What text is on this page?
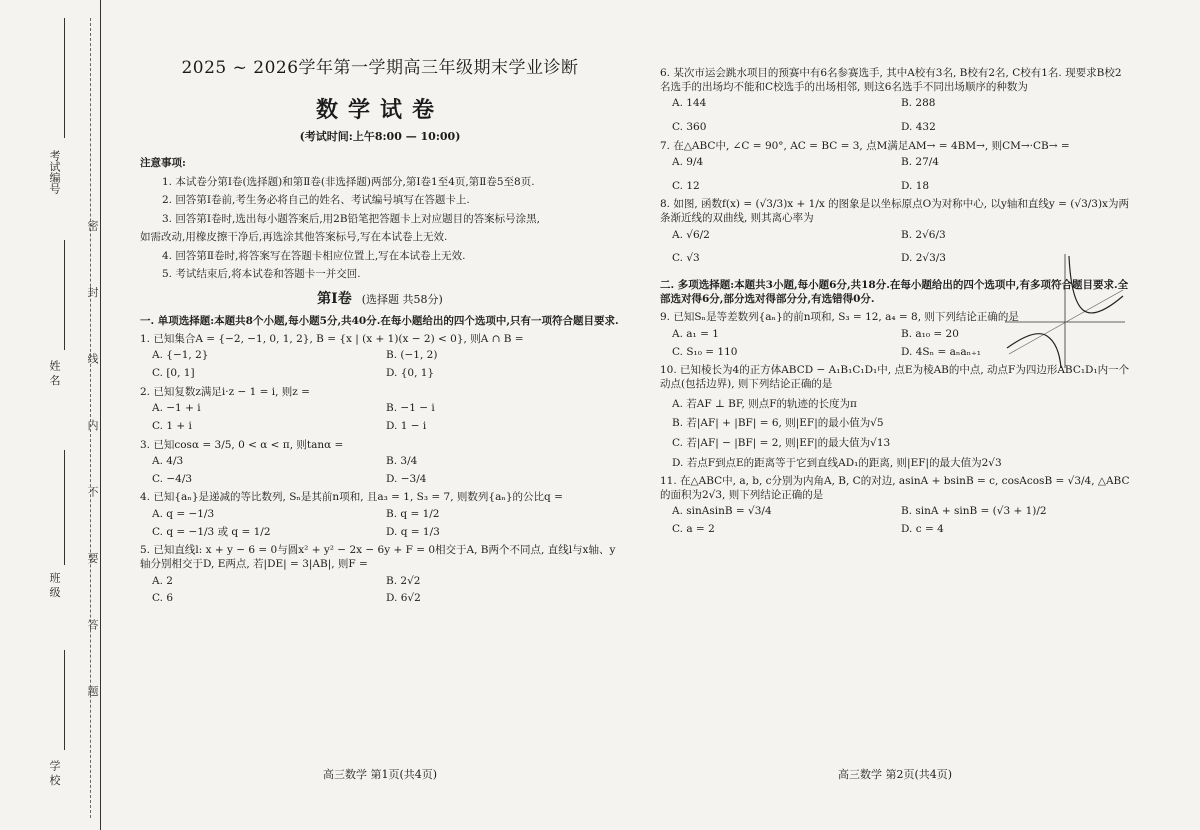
密 封 线 内 不 要 答 题
考试编号
姓 名
班 级
学 校
2025 ~ 2026学年第一学期高三年级期末学业诊断
数学试卷
(考试时间:上午8:00 — 10:00)
注意事项:

1. 本试卷分第Ⅰ卷(选择题)和第Ⅱ卷(非选择题)两部分,第Ⅰ卷1至4页,第Ⅱ卷5至8页.

2. 回答第Ⅰ卷前,考生务必将自己的姓名、考试编号填写在答题卡上.

3. 回答第Ⅰ卷时,选出每小题答案后,用2B铅笔把答题卡上对应题目的答案标号涂黑,

如需改动,用橡皮擦干净后,再选涂其他答案标号,写在本试卷上无效.

4. 回答第Ⅱ卷时,将答案写在答题卡相应位置上,写在本试卷上无效.

5. 考试结束后,将本试卷和答题卡一并交回.

第Ⅰ卷 (选择题 共58分)
一. 单项选择题:本题共8个小题,每小题5分,共40分.在每小题给出的四个选项中,只有一项符合题目要求.
1. 已知集合A = {−2, −1, 0, 1, 2}, B = {x | (x + 1)(x − 2) < 0}, 则A ∩ B =
A. {−1, 2}	B. (−1, 2)
C. [0, 1]	D. {0, 1}
2. 已知复数z满足i·z − 1 = i, 则z =
A. −1 + i	B. −1 − i
C. 1 + i	D. 1 − i
3. 已知cosα = 3/5, 0 < α < π, 则tanα =
A. 4/3	B. 3/4
C. −4/3	D. −3/4
4. 已知{aₙ}是递减的等比数列, Sₙ是其前n项和, 且a₃ = 1, S₃ = 7, 则数列{aₙ}的公比q =
A. q = −1/3	B. q = 1/2
C. q = −1/3 或 q = 1/2	D. q = 1/3
5. 已知直线l: x + y − 6 = 0与圆x² + y² − 2x − 6y + F = 0相交于A, B两个不同点, 直线l与x轴、y轴分别相交于D, E两点, 若|DE| = 3|AB|, 则F =
A. 2	B. 2√2
C. 6	D. 6√2
6. 某次市运会跳水项目的预赛中有6名参赛选手, 其中A校有3名, B校有2名, C校有1名. 现要求B校2名选手的出场均不能和C校选手的出场相邻, 则这6名选手不同出场顺序的种数为
A. 144	B. 288
C. 360	D. 432
7. 在△ABC中, ∠C = 90°, AC = BC = 3, 点M满足AM→ = 4BM→, 则CM→·CB→ =
A. 9/4	B. 27/4
C. 12	D. 18
8. 如图, 函数f(x) = (√3/3)x + 1/x 的图象是以坐标原点O为对称中心, 以y轴和直线y = (√3/3)x为两条渐近线的双曲线, 则其离心率为
A. √6/2	B. 2√6/3
C. √3	D. 2√3/3
二. 多项选择题:本题共3小题,每小题6分,共18分.在每小题给出的四个选项中,有多项符合题目要求.全部选对得6分,部分选对得部分分,有选错得0分.
9. 已知Sₙ是等差数列{aₙ}的前n项和, S₃ = 12, a₄ = 8, 则下列结论正确的是
A. a₁ = 1	B. a₁₀ = 20
C. S₁₀ = 110	D. 4Sₙ = aₙaₙ₊₁
10. 已知棱长为4的正方体ABCD − A₁B₁C₁D₁中, 点E为棱AB的中点, 动点F为四边形ABC₁D₁内一个动点(包括边界), 则下列结论正确的是
A. 若AF ⊥ BF, 则点F的轨迹的长度为π
B. 若|AF| + |BF| = 6, 则|EF|的最小值为√5
C. 若|AF| − |BF| = 2, 则|EF|的最大值为√13
D. 若点F到点E的距离等于它到直线AD₁的距离, 则|EF|的最大值为2√3
11. 在△ABC中, a, b, c分别为内角A, B, C的对边, asinA + bsinB = c, cosAcosB = √3/4, △ABC的面积为2√3, 则下列结论正确的是
A. sinAsinB = √3/4	B. sinA + sinB = (√3 + 1)/2
C. a = 2	D. c = 4
高三数学 第1页(共4页)	高三数学 第2页(共4页)
